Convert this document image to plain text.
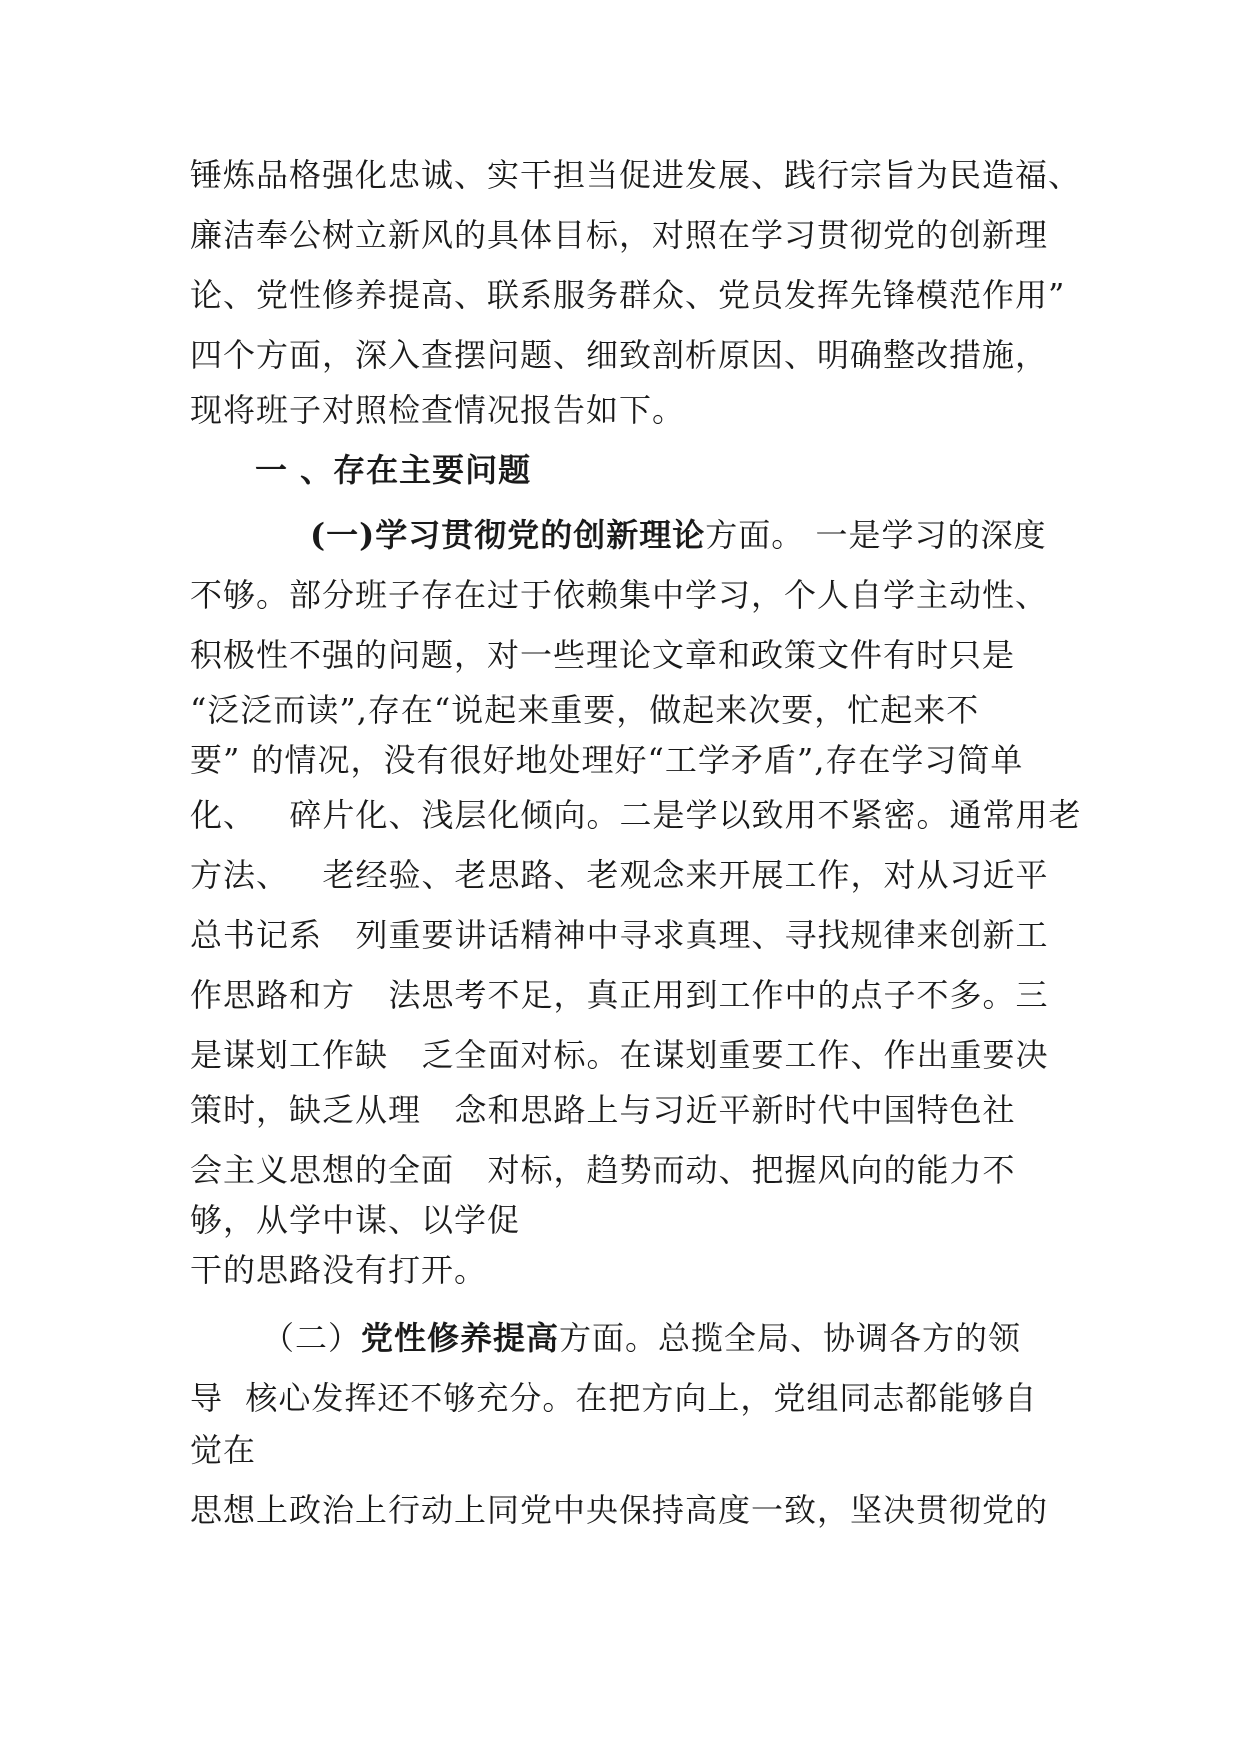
锤炼品格强化忠诚、实干担当促进发展、践行宗旨为民造福、
廉洁奉公树立新风的具体目标，对照在学习贯彻党的创新理
论、党性修养提高、联系服务群众、党员发挥先锋模范作用”
四个方面，深入查摆问题、细致剖析原因、明确整改措施，
现将班子对照检查情况报告如下。
一 、存在主要问题
(一)学习贯彻党的创新理论方面。 一是学习的深度
不够。部分班子存在过于依赖集中学习，个人自学主动性、
积极性不强的问题，对一些理论文章和政策文件有时只是
“泛泛而读”,存在“说起来重要，做起来次要，忙起来不
要” 的情况，没有很好地处理好“工学矛盾”,存在学习简单
化、   碎片化、浅层化倾向。二是学以致用不紧密。通常用老
方法、   老经验、老思路、老观念来开展工作，对从习近平
总书记系   列重要讲话精神中寻求真理、寻找规律来创新工
作思路和方   法思考不足，真正用到工作中的点子不多。三
是谋划工作缺   乏全面对标。在谋划重要工作、作出重要决
策时，缺乏从理   念和思路上与习近平新时代中国特色社
会主义思想的全面   对标，趋势而动、把握风向的能力不
够，从学中谋、以学促
干的思路没有打开。
（二）党性修养提高方面。总揽全局、协调各方的领
导  核心发挥还不够充分。在把方向上，党组同志都能够自
觉在
思想上政治上行动上同党中央保持高度一致，坚决贯彻党的
